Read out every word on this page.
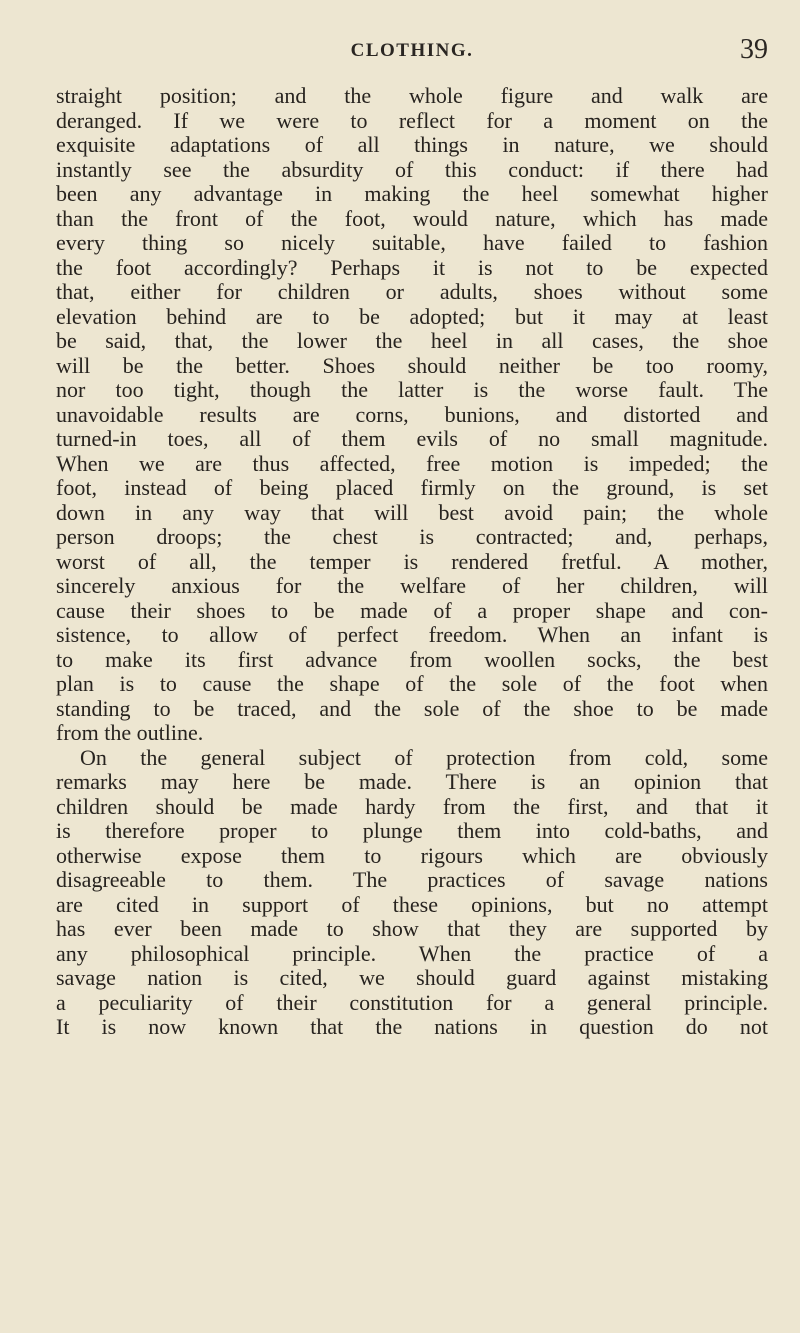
CLOTHING.	39
straight position; and the whole figure and walk are
deranged. If we were to reflect for a moment on the
exquisite adaptations of all things in nature, we should
instantly see the absurdity of this conduct: if there had
been any advantage in making the heel somewhat higher
than the front of the foot, would nature, which has made
every thing so nicely suitable, have failed to fashion
the foot accordingly? Perhaps it is not to be expected
that, either for children or adults, shoes without some
elevation behind are to be adopted; but it may at least
be said, that, the lower the heel in all cases, the shoe
will be the better. Shoes should neither be too roomy,
nor too tight, though the latter is the worse fault. The
unavoidable results are corns, bunions, and distorted and
turned-in toes, all of them evils of no small magnitude.
When we are thus affected, free motion is impeded; the
foot, instead of being placed firmly on the ground, is set
down in any way that will best avoid pain; the whole
person droops; the chest is contracted; and, perhaps,
worst of all, the temper is rendered fretful. A mother,
sincerely anxious for the welfare of her children, will
cause their shoes to be made of a proper shape and con-
sistence, to allow of perfect freedom. When an infant is
to make its first advance from woollen socks, the best
plan is to cause the shape of the sole of the foot when
standing to be traced, and the sole of the shoe to be made
from the outline.
On the general subject of protection from cold, some
remarks may here be made. There is an opinion that
children should be made hardy from the first, and that it
is therefore proper to plunge them into cold-baths, and
otherwise expose them to rigours which are obviously
disagreeable to them. The practices of savage nations
are cited in support of these opinions, but no attempt
has ever been made to show that they are supported by
any philosophical principle. When the practice of a
savage nation is cited, we should guard against mistaking
a peculiarity of their constitution for a general principle.
It is now known that the nations in question do not
